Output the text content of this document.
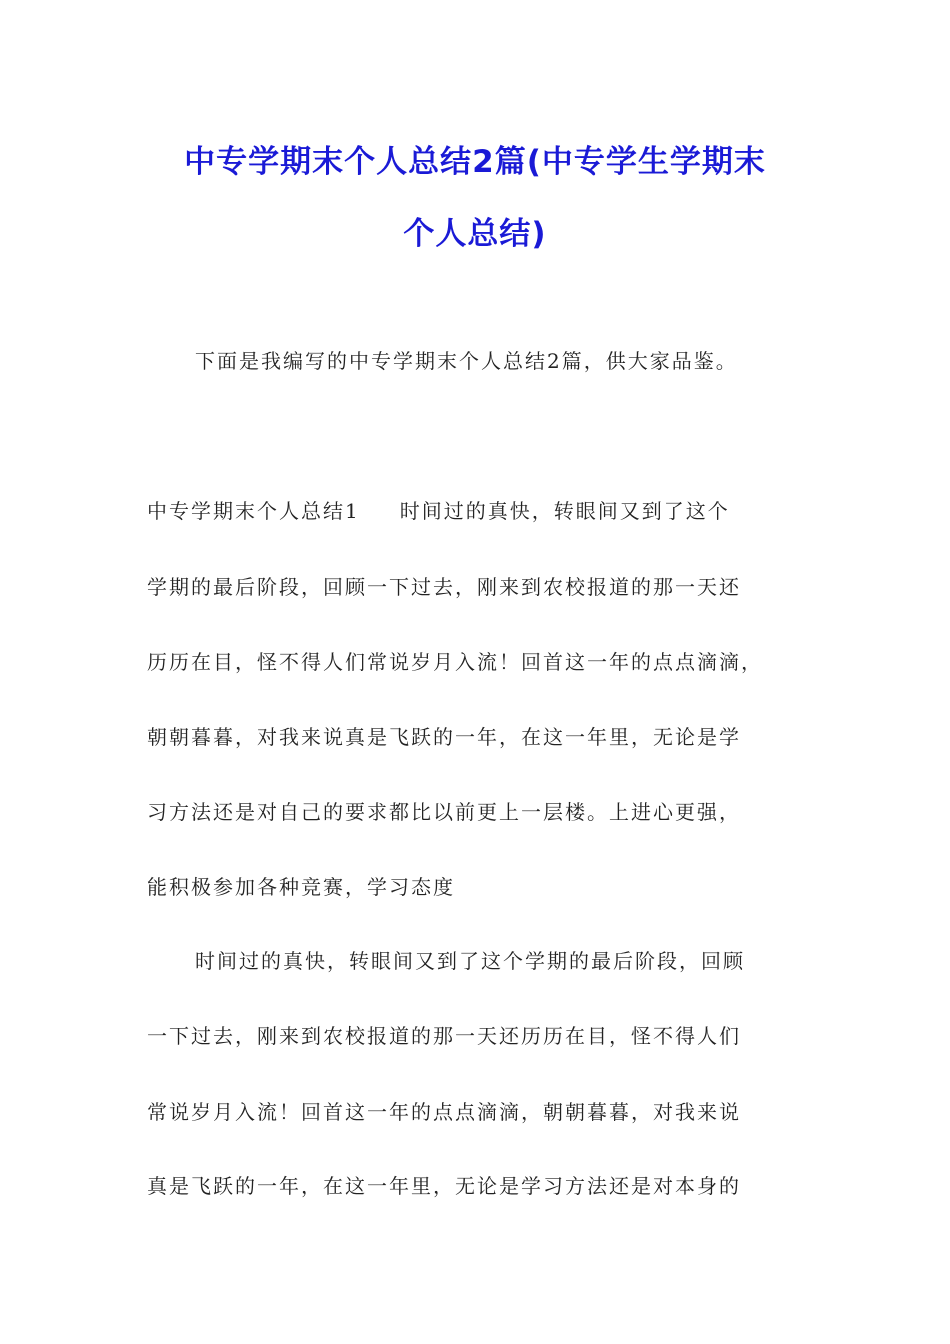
中专学期末个人总结2篇(中专学生学期末
个人总结)
下面是我编写的中专学期末个人总结2篇，供大家品鉴。
中专学期末个人总结1 时间过的真快，转眼间又到了这个
学期的最后阶段，回顾一下过去，刚来到农校报道的那一天还
历历在目，怪不得人们常说岁月入流！回首这一年的点点滴滴，
朝朝暮暮，对我来说真是飞跃的一年，在这一年里，无论是学
习方法还是对自己的要求都比以前更上一层楼。上进心更强，
能积极参加各种竞赛，学习态度
时间过的真快，转眼间又到了这个学期的最后阶段，回顾
一下过去，刚来到农校报道的那一天还历历在目，怪不得人们
常说岁月入流！回首这一年的点点滴滴，朝朝暮暮，对我来说
真是飞跃的一年，在这一年里，无论是学习方法还是对本身的
